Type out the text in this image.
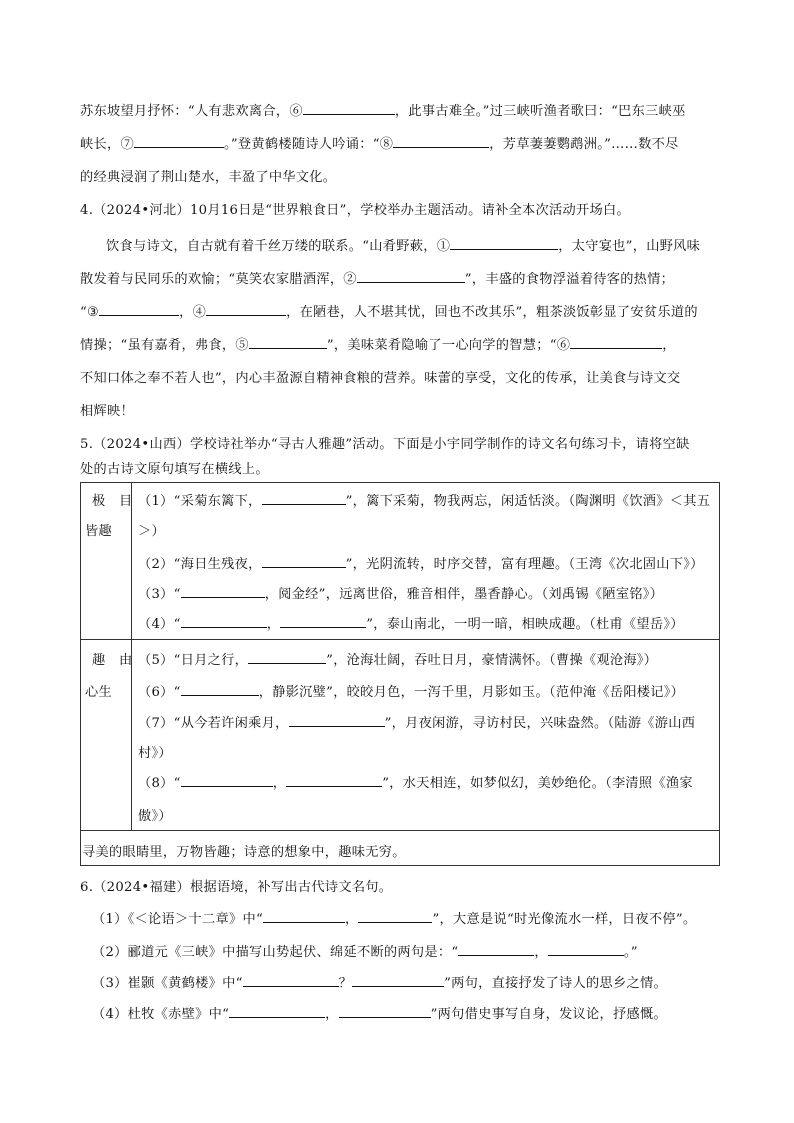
苏东坡望月抒怀：“人有悲欢离合，⑥	，此事古难全。”过三峡听渔者歌曰：“巴东三峡巫
峡长，⑦	。”登黄鹤楼随诗人吟诵：“⑧	，芳草萋萋鹦鹉洲。”……数不尽
的经典浸润了荆山楚水，丰盈了中华文化。
4.（2024•河北）10月16日是“世界粮食日”，学校举办主题活动。请补全本次活动开场白。
饮食与诗文，自古就有着千丝万缕的联系。“山肴野蔌，①	，太守宴也”，山野风味
散发着与民同乐的欢愉；“莫笑农家腊酒浑，②	”，丰盛的食物浮溢着待客的热情；
“③	，④	，在陋巷，人不堪其忧，回也不改其乐”，粗茶淡饭彰显了安贫乐道的
情操；“虽有嘉肴，弗食，⑤	”，美味菜肴隐喻了一心向学的智慧；“⑥	，
不知口体之奉不若人也”，内心丰盈源自精神食粮的营养。味蕾的享受，文化的传承，让美食与诗文交
相辉映！
5.（2024•山西）学校诗社举办“寻古人雅趣”活动。下面是小宇同学制作的诗文名句练习卡，请将空缺
处的古诗文原句填写在横线上。

极　目
皆趣
（1）“采菊东篱下，	”，篱下采菊，物我两忘，闲适恬淡。（陶渊明《饮酒》＜其五
＞）
（2）“海日生残夜，	”，光阴流转，时序交替，富有理趣。（王湾《次北固山下》）
（3）“	，阅金经”，远离世俗，雅音相伴，墨香静心。（刘禹锡《陋室铭》）
（4）“	，	”，泰山南北，一明一暗，相映成趣。（杜甫《望岳》）
趣　由
心生
（5）“日月之行，	”，沧海壮阔，吞吐日月，豪情满怀。（曹操《观沧海》）
（6）“	，静影沉璧”，皎皎月色，一泻千里，月影如玉。（范仲淹《岳阳楼记》）
（7）“从今若许闲乘月，	”，月夜闲游，寻访村民，兴味盎然。（陆游《游山西
村》）
（8）“	，	”，水天相连，如梦似幻，美妙绝伦。（李清照《渔家
傲》）
寻美的眼睛里，万物皆趣；诗意的想象中，趣味无穷。
6.（2024•福建）根据语境，补写出古代诗文名句。
（1）《＜论语＞十二章》中“	，	”，大意是说“时光像流水一样，日夜不停”。
（2）郦道元《三峡》中描写山势起伏、绵延不断的两句是：“	，	。”
（3）崔颢《黄鹤楼》中“	？	”两句，直接抒发了诗人的思乡之情。
（4）杜牧《赤壁》中“	，	”两句借史事写自身，发议论，抒感慨。
